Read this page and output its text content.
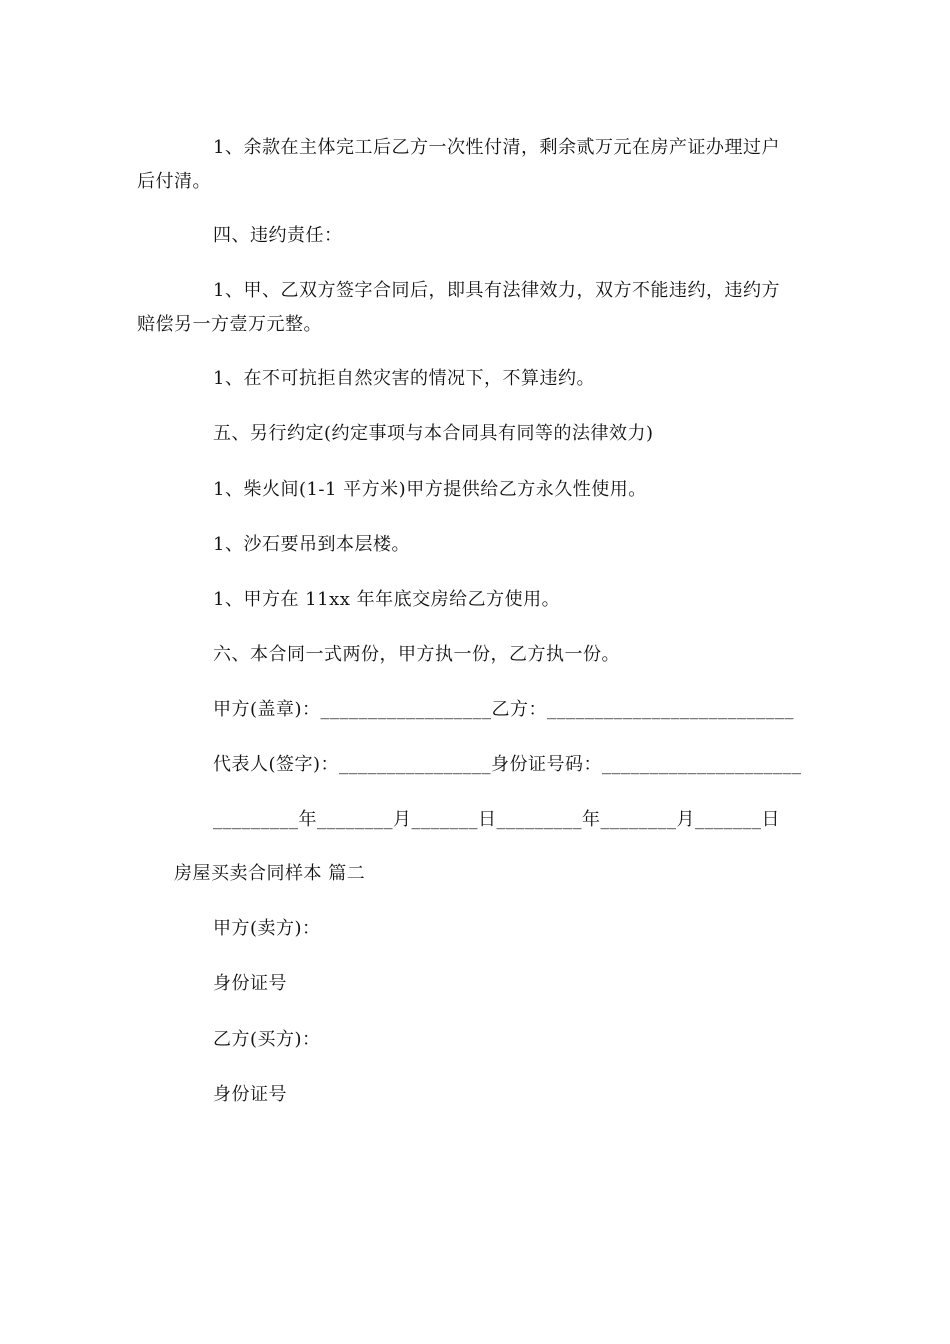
1、余款在主体完工后乙方一次性付清，剩余贰万元在房产证办理过户
后付清。
四、违约责任：
1、甲、乙双方签字合同后，即具有法律效力，双方不能违约，违约方
赔偿另一方壹万元整。
1、在不可抗拒自然灾害的情况下，不算违约。
五、另行约定(约定事项与本合同具有同等的法律效力)
1、柴火间(1-1 平方米)甲方提供给乙方永久性使用。
1、沙石要吊到本层楼。
1、甲方在 11xx 年年底交房给乙方使用。
六、本合同一式两份，甲方执一份，乙方执一份。
甲方(盖章)：__________________乙方：__________________________
代表人(签字)：________________身份证号码：_____________________
_________年________月_______日_________年________月_______日
房屋买卖合同样本 篇二
甲方(卖方)：
身份证号
乙方(买方)：
身份证号
